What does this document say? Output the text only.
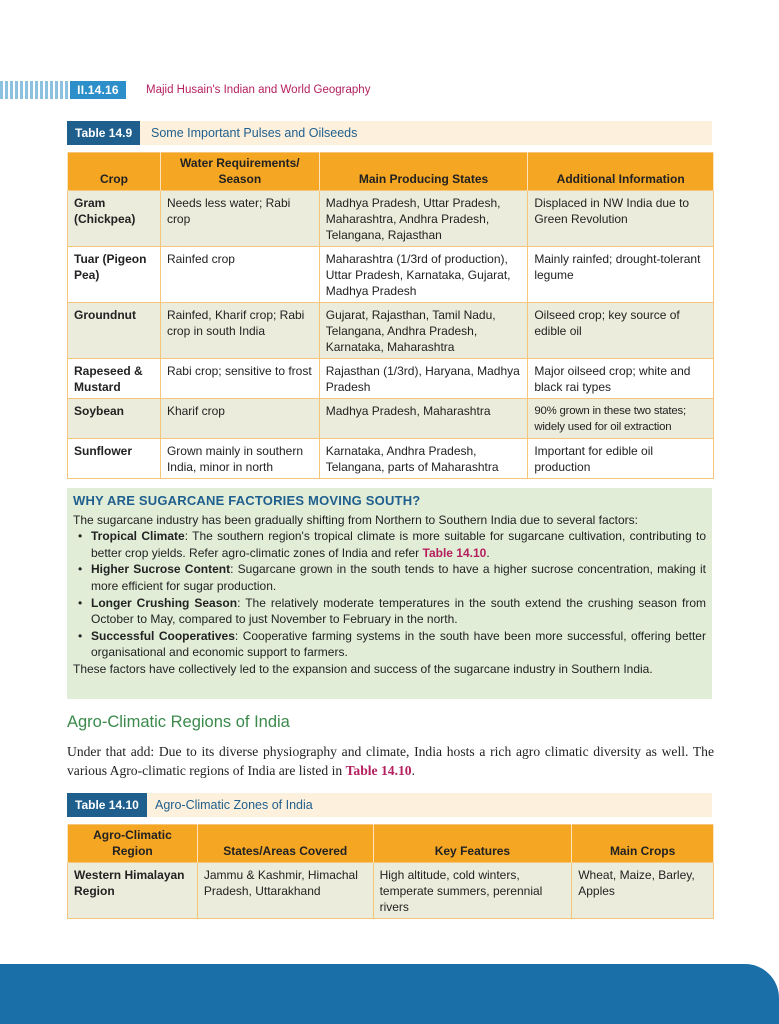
II.14.16	Majid Husain's Indian and World Geography
Table 14.9	Some Important Pulses and Oilseeds
Crop	Water Requirements/ Season	Main Producing States	Additional Information
Gram (Chickpea)	Needs less water; Rabi crop	Madhya Pradesh, Uttar Pradesh, Maharashtra, Andhra Pradesh, Telangana, Rajasthan	Displaced in NW India due to Green Revolution
Tuar (Pigeon Pea)	Rainfed crop	Maharashtra (1/3rd of production), Uttar Pradesh, Karnataka, Gujarat, Madhya Pradesh	Mainly rainfed; drought-tolerant legume
Groundnut	Rainfed, Kharif crop; Rabi crop in south India	Gujarat, Rajasthan, Tamil Nadu, Telangana, Andhra Pradesh, Karnataka, Maharashtra	Oilseed crop; key source of edible oil
Rapeseed & Mustard	Rabi crop; sensitive to frost	Rajasthan (1/3rd), Haryana, Madhya Pradesh	Major oilseed crop; white and black rai types
Soybean	Kharif crop	Madhya Pradesh, Maharashtra	90% grown in these two states; widely used for oil extraction
Sunflower	Grown mainly in southern India, minor in north	Karnataka, Andhra Pradesh, Telangana, parts of Maharashtra	Important for edible oil production
WHY ARE SUGARCANE FACTORIES MOVING SOUTH?

The sugarcane industry has been gradually shifting from Northern to Southern India due to several factors:

• Tropical Climate: The southern region's tropical climate is more suitable for sugarcane cultivation, contributing to better crop yields. Refer agro-climatic zones of India and refer Table 14.10.
• Higher Sucrose Content: Sugarcane grown in the south tends to have a higher sucrose concentration, making it more efficient for sugar production.
• Longer Crushing Season: The relatively moderate temperatures in the south extend the crushing season from October to May, compared to just November to February in the north.
• Successful Cooperatives: Cooperative farming systems in the south have been more successful, offering better organisational and economic support to farmers.

These factors have collectively led to the expansion and success of the sugarcane industry in Southern India.

Agro-Climatic Regions of India
Under that add: Due to its diverse physiography and climate, India hosts a rich agro climatic diversity as well. The various Agro-climatic regions of India are listed in Table 14.10.
Table 14.10	Agro-Climatic Zones of India
Agro-Climatic Region	States/Areas Covered	Key Features	Main Crops
Western Himalayan Region	Jammu & Kashmir, Himachal Pradesh, Uttarakhand	High altitude, cold winters, temperate summers, perennial rivers	Wheat, Maize, Barley, Apples
